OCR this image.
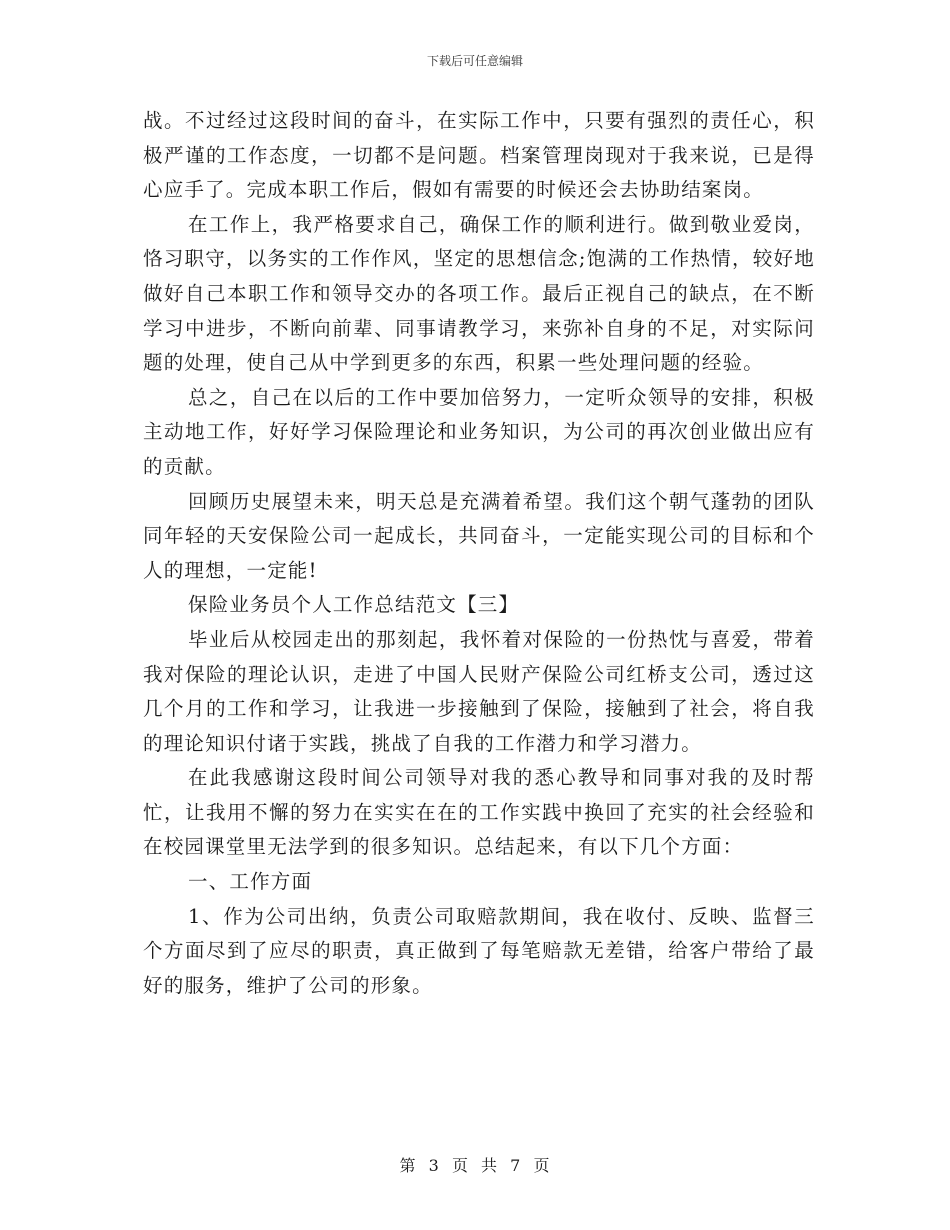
下载后可任意编辑

战。不过经过这段时间的奋斗，在实际工作中，只要有强烈的责任心，积极严谨的工作态度，一切都不是问题。档案管理岗现对于我来说，已是得心应手了。完成本职工作后，假如有需要的时候还会去协助结案岗。

在工作上，我严格要求自己，确保工作的顺利进行。做到敬业爱岗，恪习职守，以务实的工作作风，坚定的思想信念;饱满的工作热情，较好地做好自己本职工作和领导交办的各项工作。最后正视自己的缺点，在不断学习中进步，不断向前辈、同事请教学习，来弥补自身的不足，对实际问题的处理，使自己从中学到更多的东西，积累一些处理问题的经验。

总之，自己在以后的工作中要加倍努力，一定听众领导的安排，积极主动地工作，好好学习保险理论和业务知识，为公司的再次创业做出应有的贡献。

回顾历史展望未来，明天总是充满着希望。我们这个朝气蓬勃的团队同年轻的天安保险公司一起成长，共同奋斗，一定能实现公司的目标和个人的理想，一定能!

保险业务员个人工作总结范文【三】

毕业后从校园走出的那刻起，我怀着对保险的一份热忱与喜爱，带着我对保险的理论认识，走进了中国人民财产保险公司红桥支公司，透过这几个月的工作和学习，让我进一步接触到了保险，接触到了社会，将自我的理论知识付诸于实践，挑战了自我的工作潜力和学习潜力。

在此我感谢这段时间公司领导对我的悉心教导和同事对我的及时帮忙，让我用不懈的努力在实实在在的工作实践中换回了充实的社会经验和在校园课堂里无法学到的很多知识。总结起来，有以下几个方面：

一、工作方面

1、作为公司出纳，负责公司取赔款期间，我在收付、反映、监督三个方面尽到了应尽的职责，真正做到了每笔赔款无差错，给客户带给了最好的服务，维护了公司的形象。

第 3 页 共 7 页
